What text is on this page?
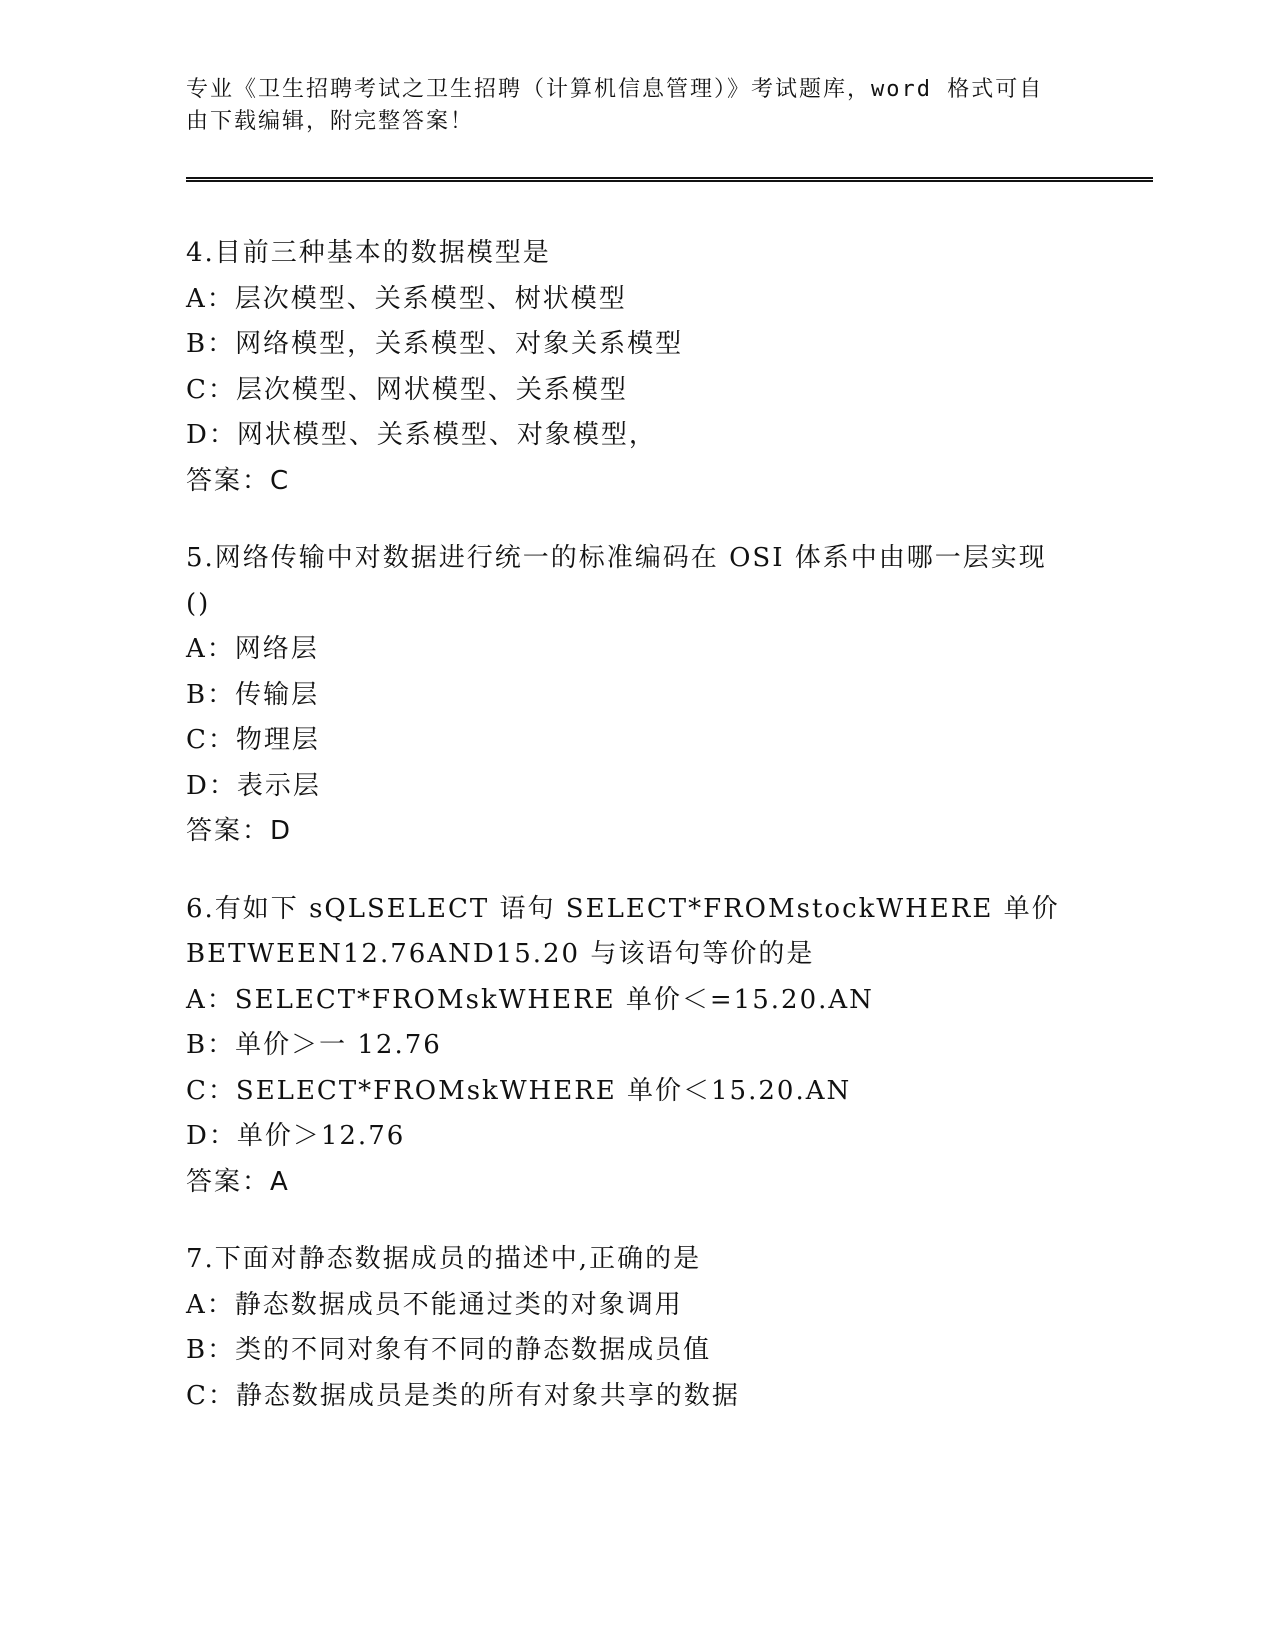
专业《卫生招聘考试之卫生招聘（计算机信息管理）》考试题库，word 格式可自
由下载编辑，附完整答案！
4.目前三种基本的数据模型是
A：层次模型、关系模型、树状模型
B：网络模型，关系模型、对象关系模型
C：层次模型、网状模型、关系模型
D：网状模型、关系模型、对象模型，
答案：C
5.网络传输中对数据进行统一的标准编码在 OSI 体系中由哪一层实现
()
A：网络层
B：传输层
C：物理层
D：表示层
答案：D
6.有如下 sQLSELECT 语句 SELECT*FROMstockWHERE 单价
BETWEEN12.76AND15.20 与该语句等价的是
A：SELECT*FROMskWHERE 单价＜=15.20.AN
B：单价＞一 12.76
C：SELECT*FROMskWHERE 单价＜15.20.AN
D：单价＞12.76
答案：A
7.下面对静态数据成员的描述中,正确的是
A：静态数据成员不能通过类的对象调用
B：类的不同对象有不同的静态数据成员值
C：静态数据成员是类的所有对象共享的数据
